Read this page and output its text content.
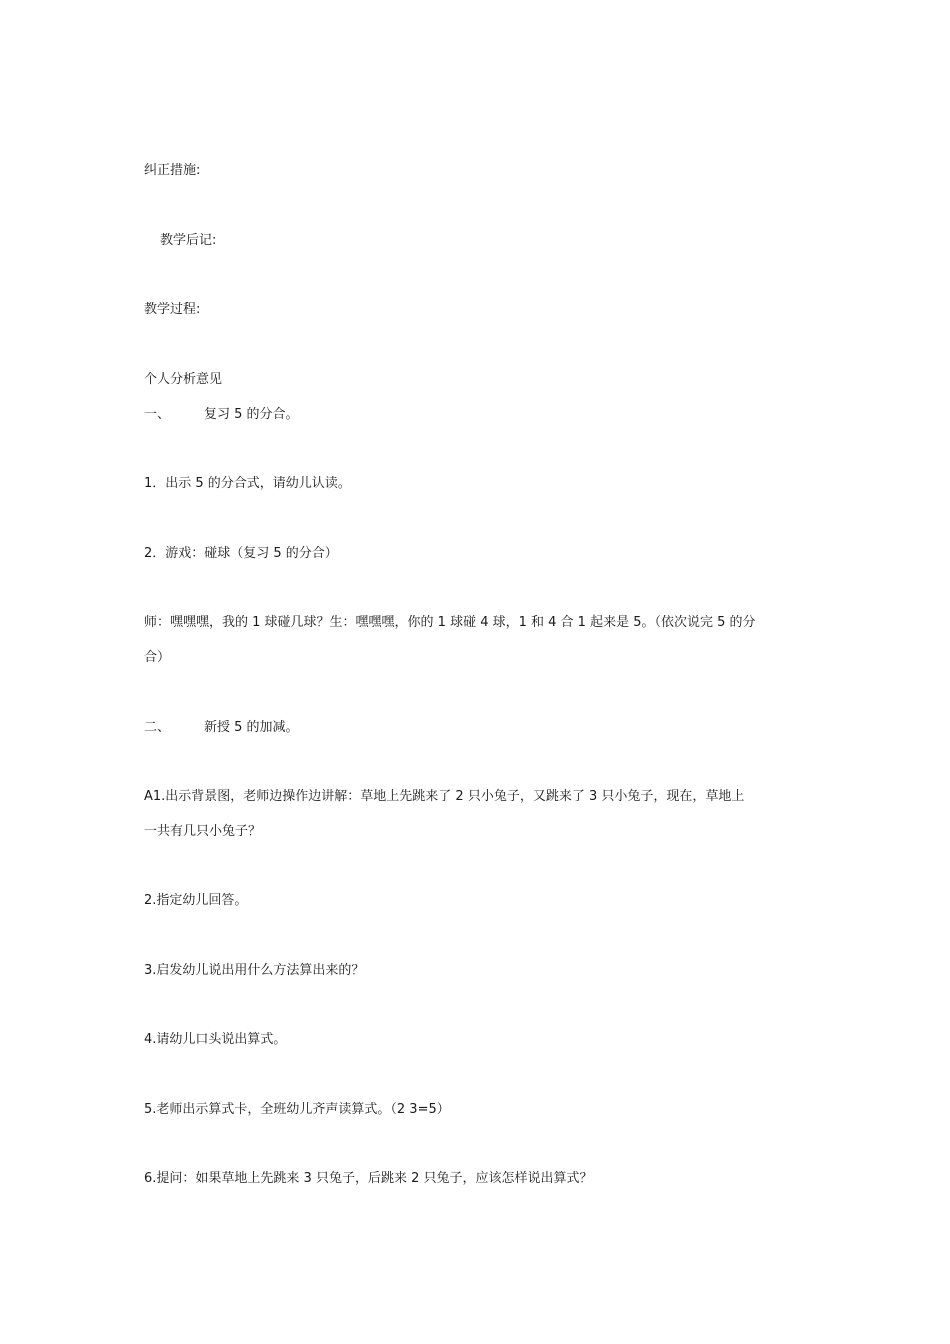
纠正措施:
教学后记:
教学过程:
个人分析意见
一、	复习 5 的分合。
1．出示 5 的分合式，请幼儿认读。
2．游戏：碰球（复习 5 的分合）
师：嘿嘿嘿，我的 1 球碰几球？生：嘿嘿嘿，你的 1 球碰 4 球，1 和 4 合 1 起来是 5。（依次说完 5 的分
合）
二、	新授 5 的加减。
A1.出示背景图，老师边操作边讲解：草地上先跳来了 2 只小兔子，又跳来了 3 只小兔子，现在，草地上
一共有几只小兔子？
2.指定幼儿回答。
3.启发幼儿说出用什么方法算出来的？
4.请幼儿口头说出算式。
5.老师出示算式卡，全班幼儿齐声读算式。（2 3=5）
6.提问：如果草地上先跳来 3 只兔子，后跳来 2 只兔子，应该怎样说出算式？
